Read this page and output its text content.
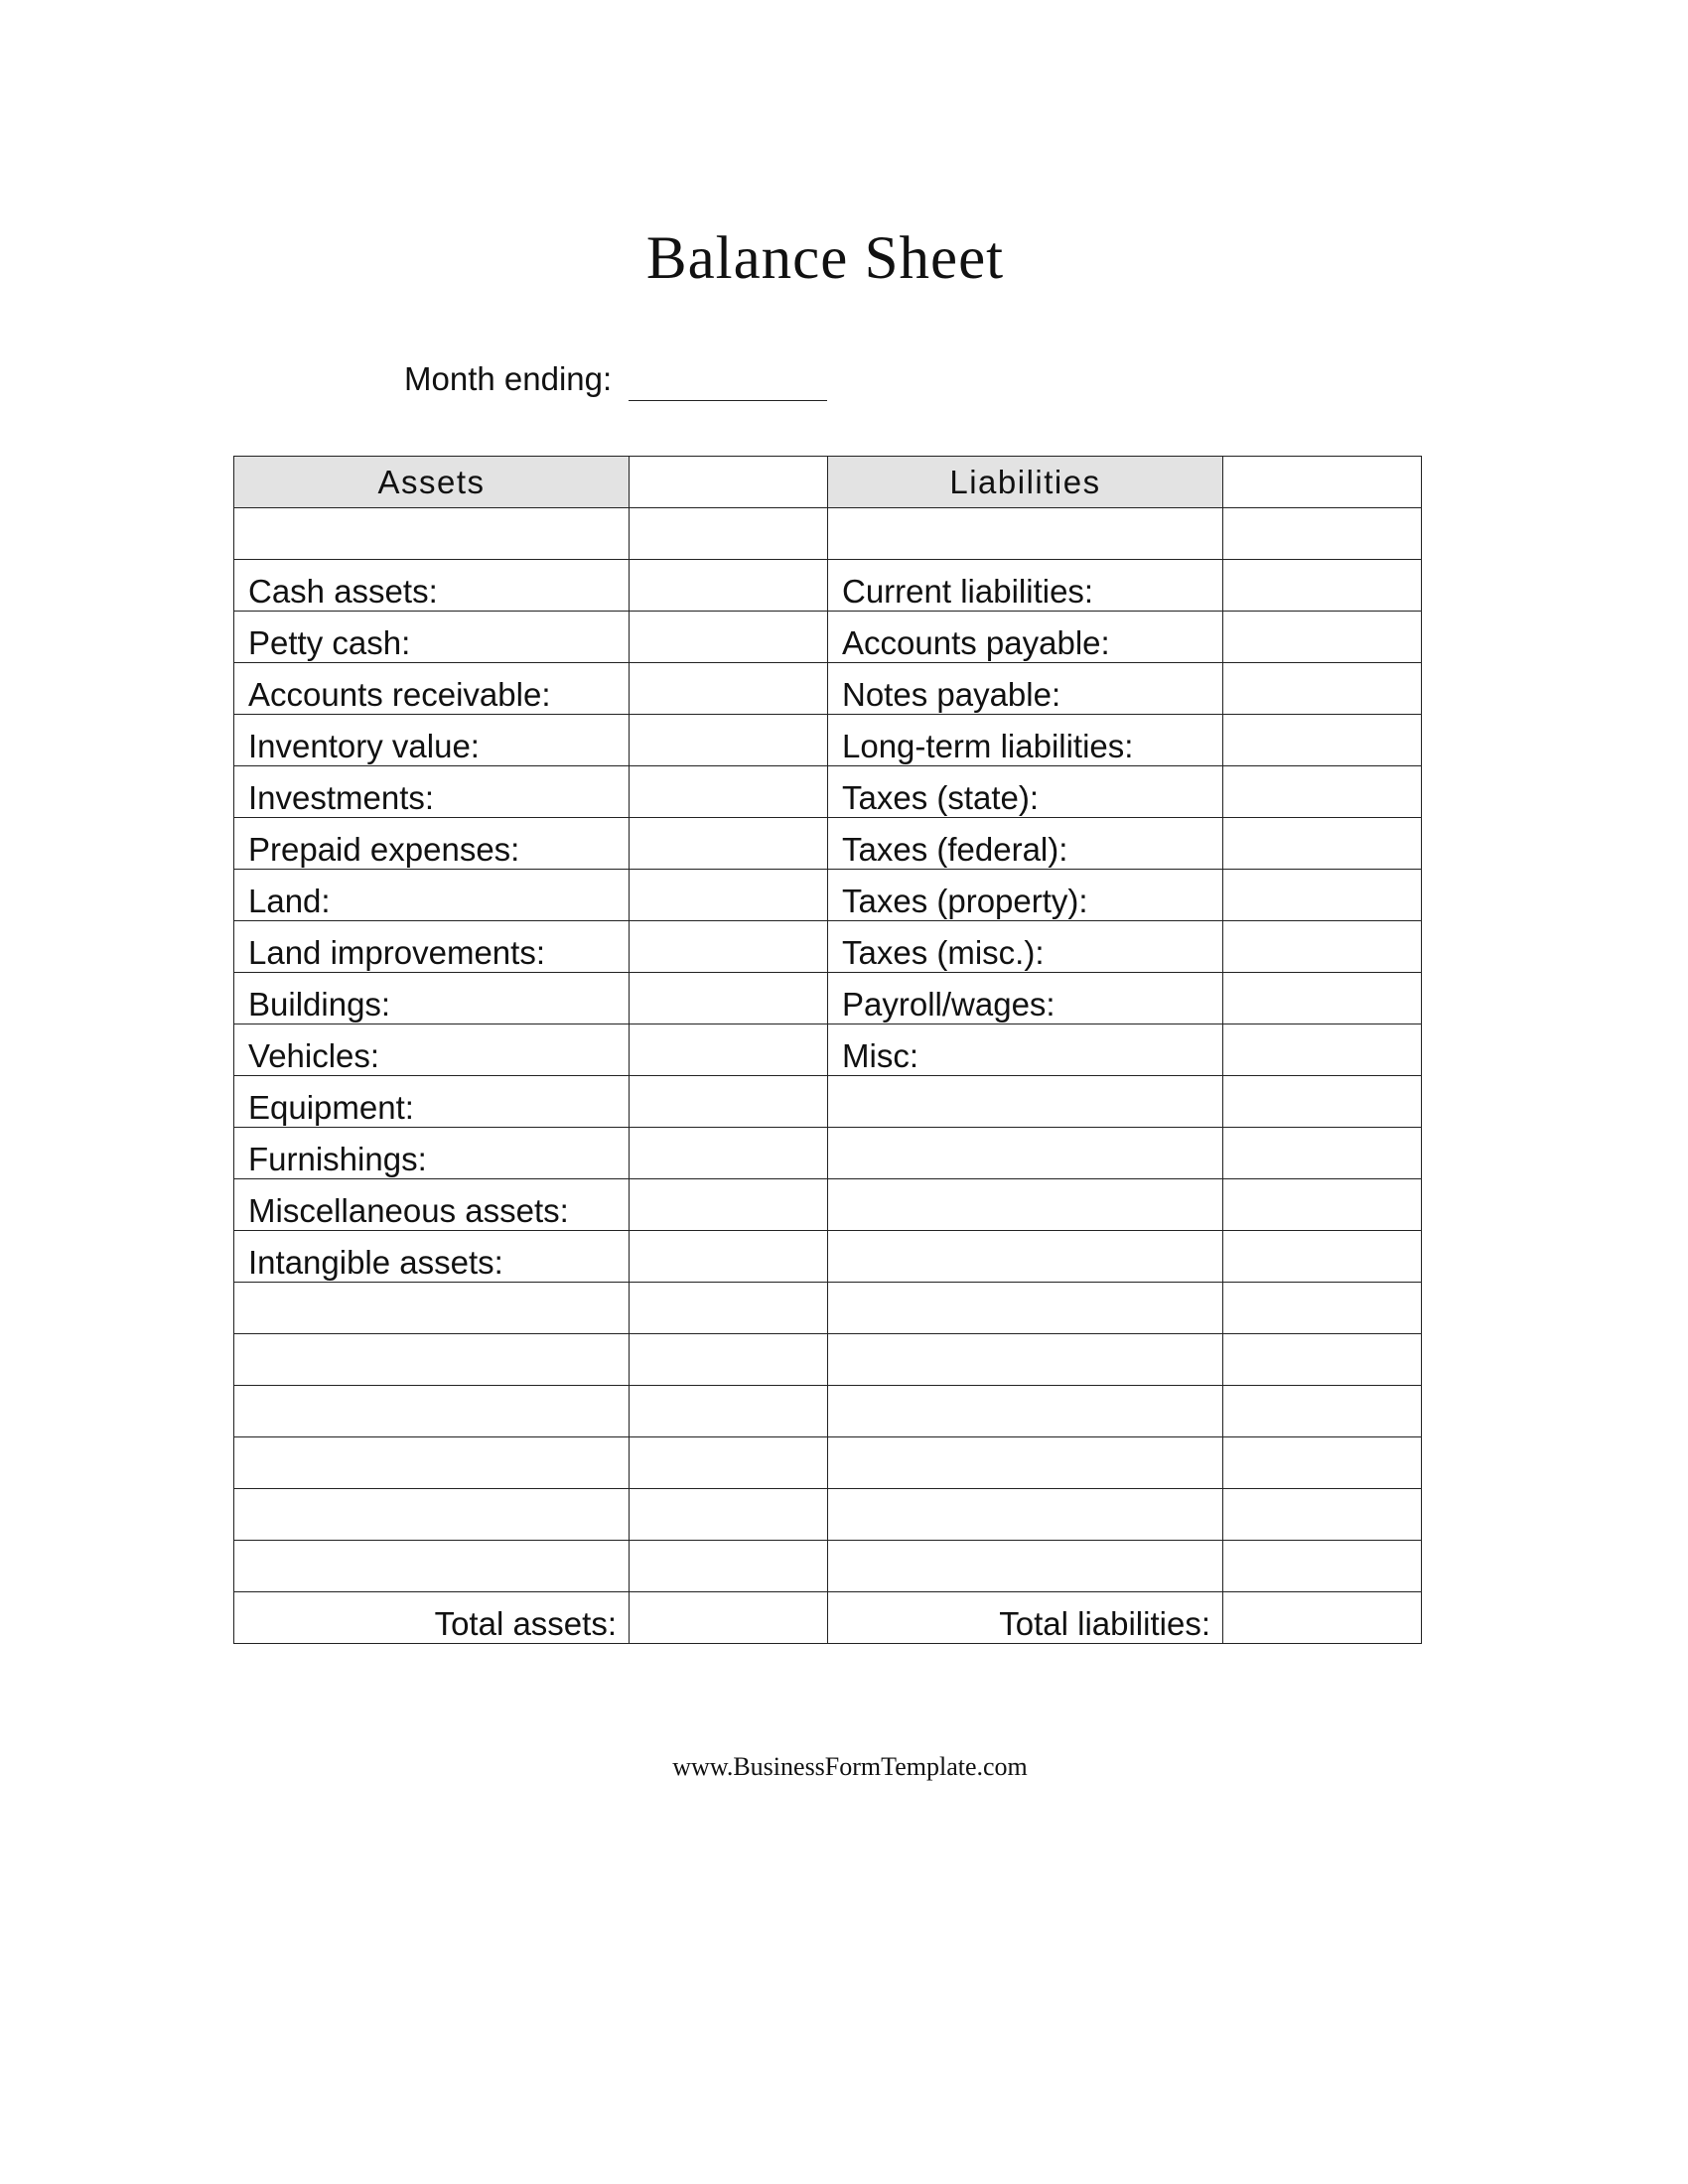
Balance Sheet
Month ending:
Assets		Liabilities	

Cash assets:		Current liabilities:	
Petty cash:		Accounts payable:	
Accounts receivable:		Notes payable:	
Inventory value:		Long-term liabilities:	
Investments:		Taxes (state):	
Prepaid expenses:		Taxes (federal):	
Land:		Taxes (property):	
Land improvements:		Taxes (misc.):	
Buildings:		Payroll/wages:	
Vehicles:		Misc:	
Equipment:			
Furnishings:			
Miscellaneous assets:			
Intangible assets:			

Total assets:		Total liabilities:	
www.BusinessFormTemplate.com
